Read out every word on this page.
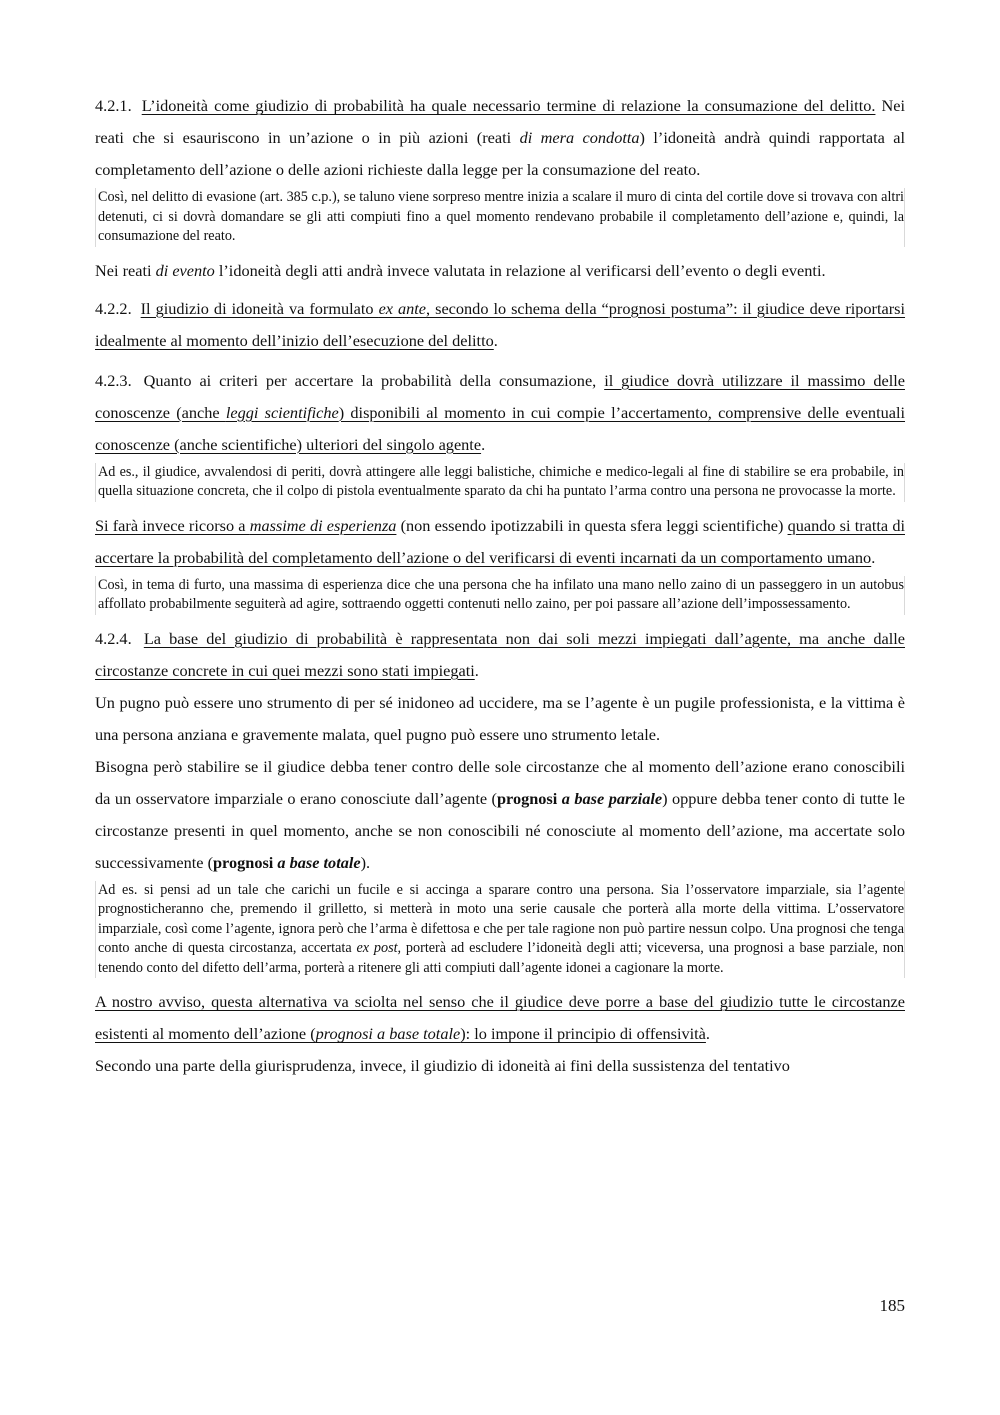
4.2.1. L’idoneità come giudizio di probabilità ha quale necessario termine di relazione la consumazione del delitto. Nei reati che si esauriscono in un’azione o in più azioni (reati di mera condotta) l’idoneità andrà quindi rapportata al completamento dell’azione o delle azioni richieste dalla legge per la consumazione del reato.

Così, nel delitto di evasione (art. 385 c.p.), se taluno viene sorpreso mentre inizia a scalare il muro di cinta del cortile dove si trovava con altri detenuti, ci si dovrà domandare se gli atti compiuti fino a quel momento rendevano probabile il completamento dell’azione e, quindi, la consumazione del reato.

Nei reati di evento l’idoneità degli atti andrà invece valutata in relazione al verificarsi dell’evento o degli eventi.

4.2.2. Il giudizio di idoneità va formulato ex ante, secondo lo schema della “prognosi postuma”: il giudice deve riportarsi idealmente al momento dell’inizio dell’esecuzione del delitto.

4.2.3. Quanto ai criteri per accertare la probabilità della consumazione, il giudice dovrà utilizzare il massimo delle conoscenze (anche leggi scientifiche) disponibili al momento in cui compie l’accertamento, comprensive delle eventuali conoscenze (anche scientifiche) ulteriori del singolo agente.

Ad es., il giudice, avvalendosi di periti, dovrà attingere alle leggi balistiche, chimiche e medico-legali al fine di stabilire se era probabile, in quella situazione concreta, che il colpo di pistola eventualmente sparato da chi ha puntato l’arma contro una persona ne provocasse la morte.

Si farà invece ricorso a massime di esperienza (non essendo ipotizzabili in questa sfera leggi scientifiche) quando si tratta di accertare la probabilità del completamento dell’azione o del verificarsi di eventi incarnati da un comportamento umano.

Così, in tema di furto, una massima di esperienza dice che una persona che ha infilato una mano nello zaino di un passeggero in un autobus affollato probabilmente seguiterà ad agire, sottraendo oggetti contenuti nello zaino, per poi passare all’azione dell’impossessamento.

4.2.4. La base del giudizio di probabilità è rappresentata non dai soli mezzi impiegati dall’agente, ma anche dalle circostanze concrete in cui quei mezzi sono stati impiegati.

Un pugno può essere uno strumento di per sé inidoneo ad uccidere, ma se l’agente è un pugile professionista, e la vittima è una persona anziana e gravemente malata, quel pugno può essere uno strumento letale.

Bisogna però stabilire se il giudice debba tener contro delle sole circostanze che al momento dell’azione erano conoscibili da un osservatore imparziale o erano conosciute dall’agente (prognosi a base parziale) oppure debba tener conto di tutte le circostanze presenti in quel momento, anche se non conoscibili né conosciute al momento dell’azione, ma accertate solo successivamente (prognosi a base totale).

Ad es. si pensi ad un tale che carichi un fucile e si accinga a sparare contro una persona. Sia l’osservatore imparziale, sia l’agente prognosticheranno che, premendo il grilletto, si metterà in moto una serie causale che porterà alla morte della vittima. L’osservatore imparziale, così come l’agente, ignora però che l’arma è difettosa e che per tale ragione non può partire nessun colpo. Una prognosi che tenga conto anche di questa circostanza, accertata ex post, porterà ad escludere l’idoneità degli atti; viceversa, una prognosi a base parziale, non tenendo conto del difetto dell’arma, porterà a ritenere gli atti compiuti dall’agente idonei a cagionare la morte.

A nostro avviso, questa alternativa va sciolta nel senso che il giudice deve porre a base del giudizio tutte le circostanze esistenti al momento dell’azione (prognosi a base totale): lo impone il principio di offensività.

Secondo una parte della giurisprudenza, invece, il giudizio di idoneità ai fini della sussistenza del tentativo

185
